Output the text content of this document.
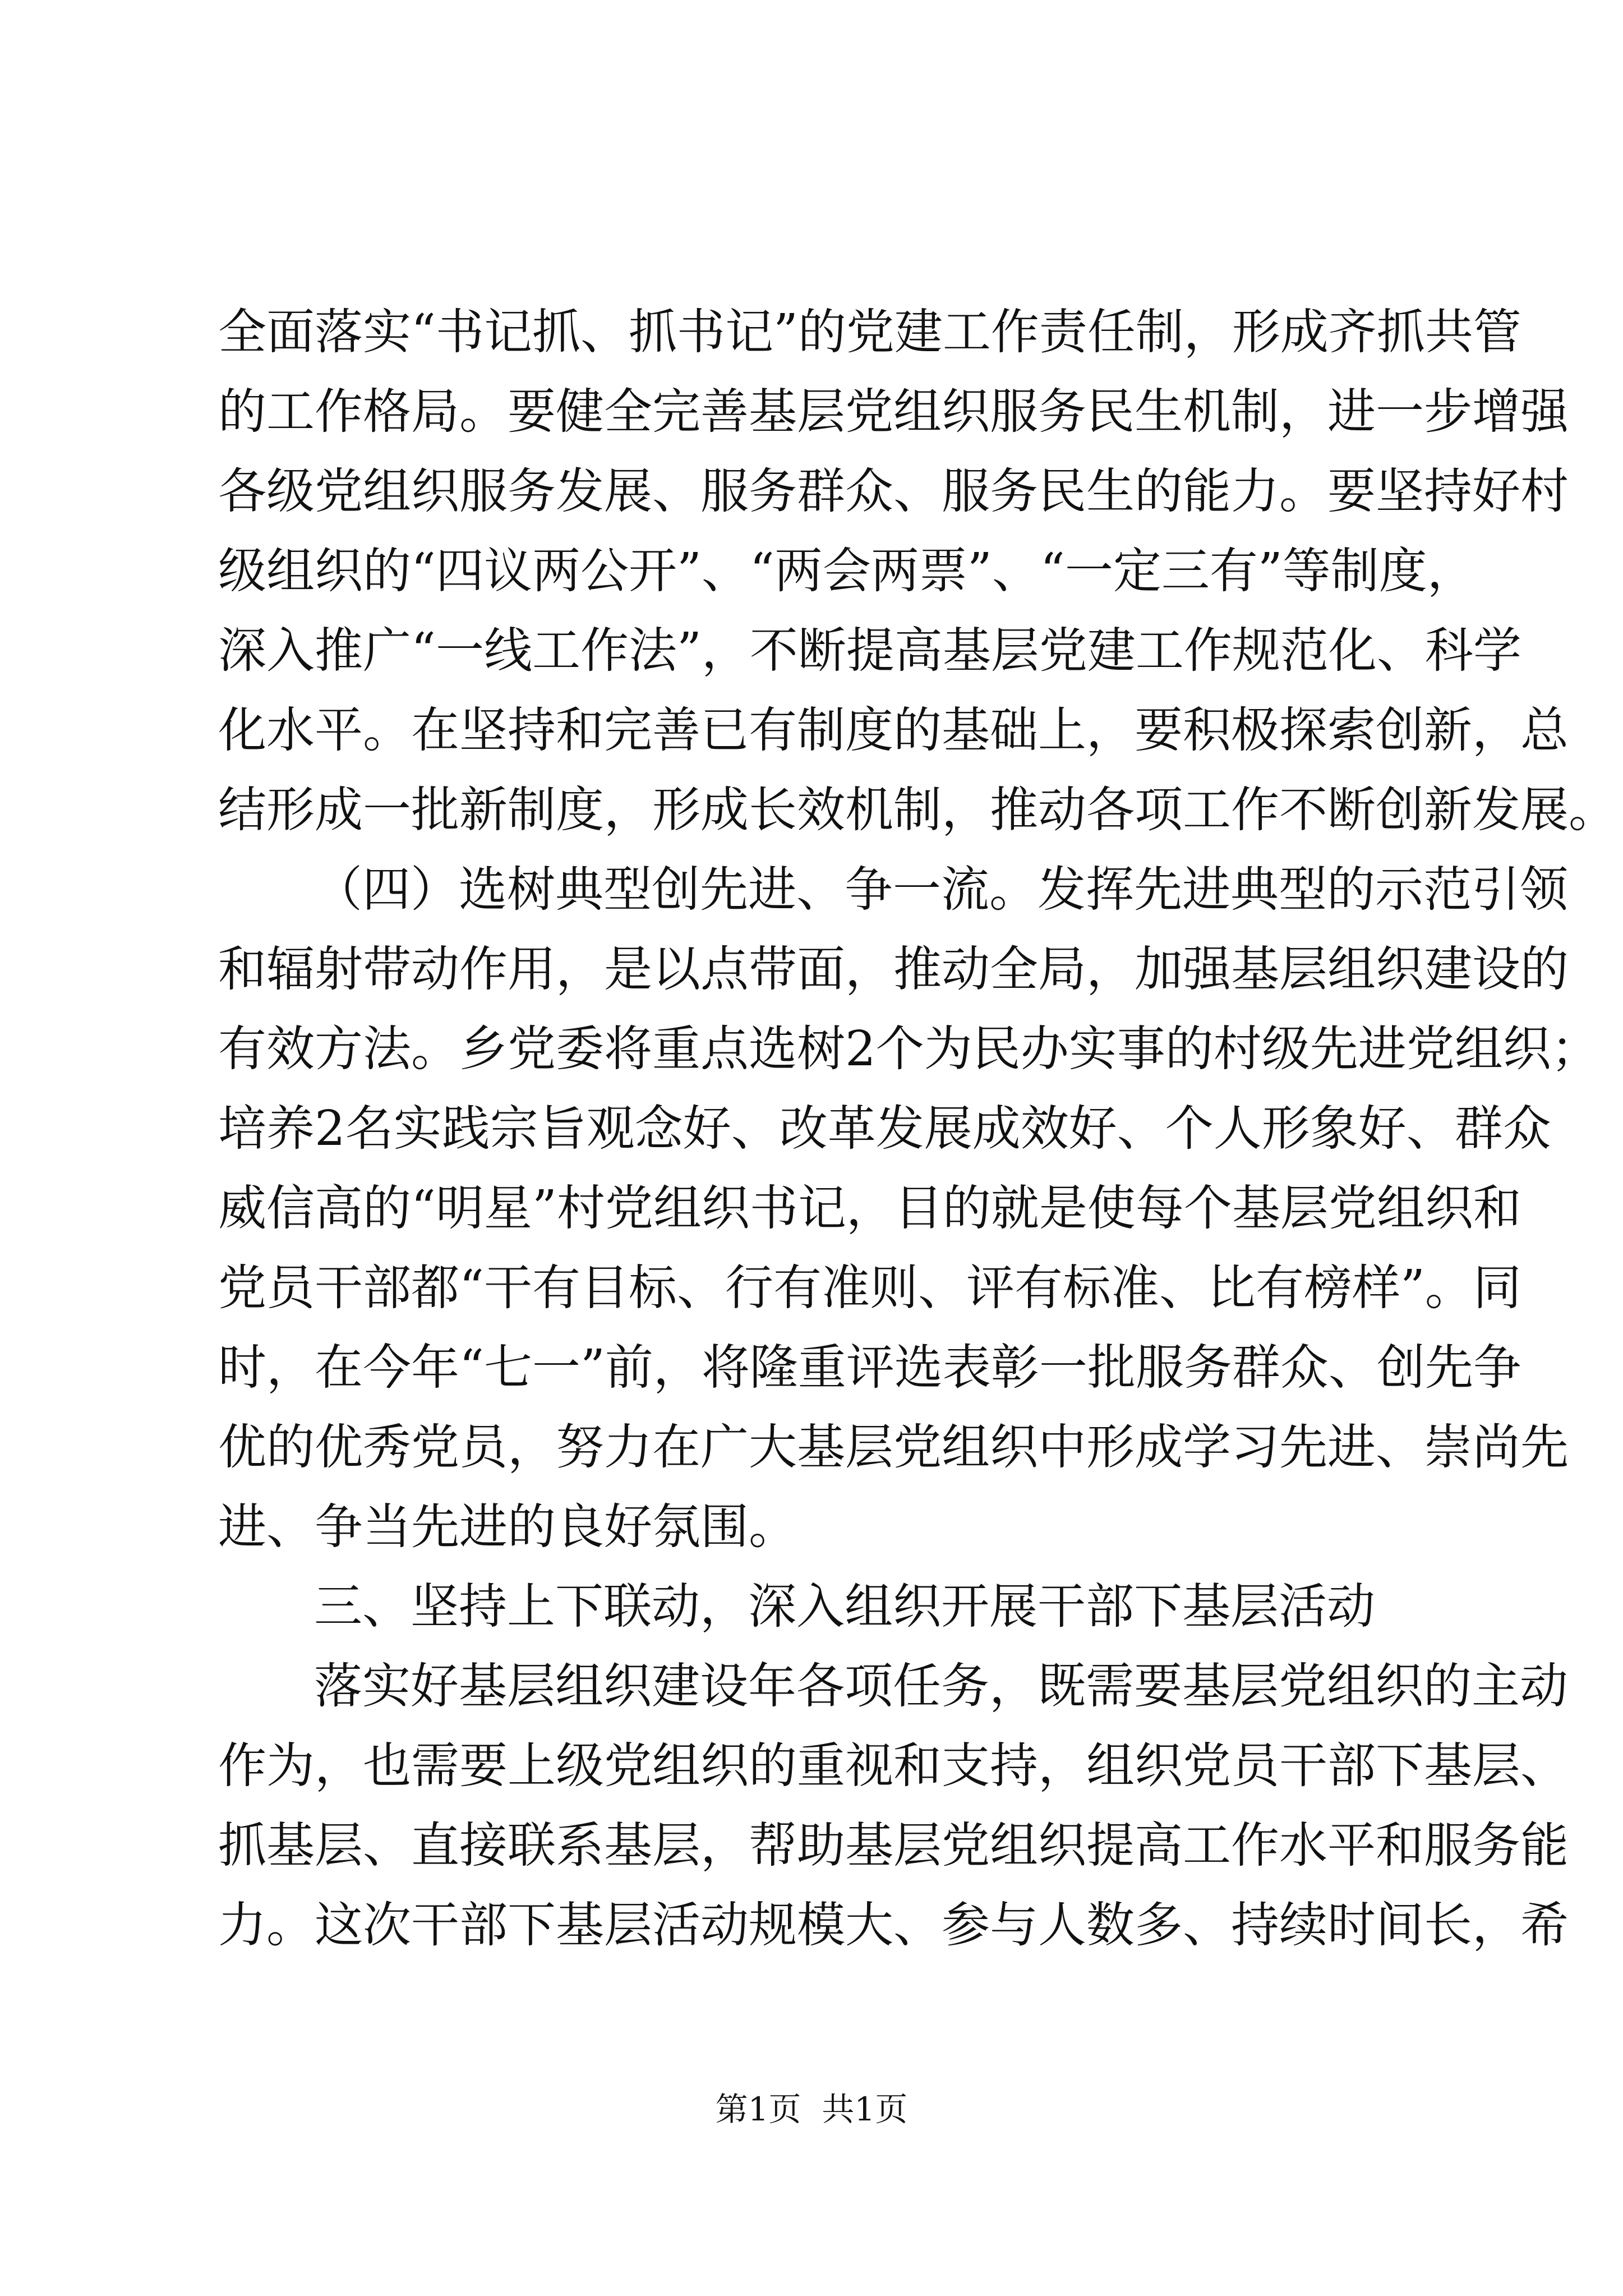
全面落实“书记抓、抓书记”的党建工作责任制，形成齐抓共管
的工作格局。要健全完善基层党组织服务民生机制，进一步增强
各级党组织服务发展、服务群众、服务民生的能力。要坚持好村
级组织的“四议两公开”、“两会两票”、“一定三有”等制度，
深入推广“一线工作法”，不断提高基层党建工作规范化、科学
化水平。在坚持和完善已有制度的基础上，要积极探索创新，总
结形成一批新制度，形成长效机制，推动各项工作不断创新发展。
（四）选树典型创先进、争一流。发挥先进典型的示范引领
和辐射带动作用，是以点带面，推动全局，加强基层组织建设的
有效方法。乡党委将重点选树2个为民办实事的村级先进党组织；
培养2名实践宗旨观念好、改革发展成效好、个人形象好、群众
威信高的“明星”村党组织书记，目的就是使每个基层党组织和
党员干部都“干有目标、行有准则、评有标准、比有榜样”。同
时，在今年“七一”前，将隆重评选表彰一批服务群众、创先争
优的优秀党员，努力在广大基层党组织中形成学习先进、崇尚先
进、争当先进的良好氛围。
三、坚持上下联动，深入组织开展干部下基层活动
落实好基层组织建设年各项任务，既需要基层党组织的主动
作为，也需要上级党组织的重视和支持，组织党员干部下基层、
抓基层、直接联系基层，帮助基层党组织提高工作水平和服务能
力。这次干部下基层活动规模大、参与人数多、持续时间长，希
第1页  共1页
